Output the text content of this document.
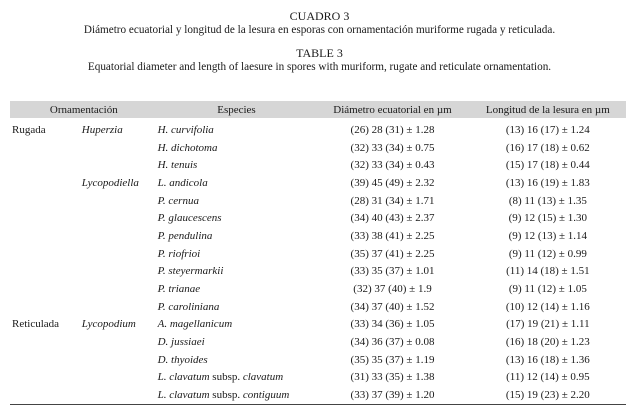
CUADRO 3
Diámetro ecuatorial y longitud de la lesura en esporas con ornamentación muriforme rugada y reticulada.
TABLE 3
Equatorial diameter and length of laesure in spores with muriform, rugate and reticulate ornamentation.
Ornamentación		Especies	Diámetro ecuatorial en µm	Longitud de la lesura en µm
Rugada	Huperzia	H. curvifolia	(26) 28 (31) ± 1.28	(13) 16 (17) ± 1.24
		H. dichotoma	(32) 33 (34) ± 0.75	(16) 17 (18) ± 0.62
		H. tenuis	(32) 33 (34) ± 0.43	(15) 17 (18) ± 0.44
	Lycopodiella	L. andicola	(39) 45 (49) ± 2.32	(13) 16 (19) ± 1.83
		P. cernua	(28) 31 (34) ± 1.71	(8) 11 (13) ± 1.35
		P. glaucescens	(34) 40 (43) ± 2.37	(9) 12 (15) ± 1.30
		P. pendulina	(33) 38 (41) ± 2.25	(9) 12 (13) ± 1.14
		P. riofrioi	(35) 37 (41) ± 2.25	(9) 11 (12) ± 0.99
		P. steyermarkii	(33) 35 (37) ± 1.01	(11) 14 (18) ± 1.51
		P. trianae	(32) 37 (40) ± 1.9	(9) 11 (12) ± 1.05
		P. caroliniana	(34) 37 (40) ± 1.52	(10) 12 (14) ± 1.16
Reticulada	Lycopodium	A. magellanicum	(33) 34 (36) ± 1.05	(17) 19 (21) ± 1.11
		D. jussiaei	(34) 36 (37) ± 0.08	(16) 18 (20) ± 1.23
		D. thyoides	(35) 35 (37) ± 1.19	(13) 16 (18) ± 1.36
		L. clavatum subsp. clavatum	(31) 33 (35) ± 1.38	(11) 12 (14) ± 0.95
		L. clavatum subsp. contiguum	(33) 37 (39) ± 1.20	(15) 19 (23) ± 2.20
